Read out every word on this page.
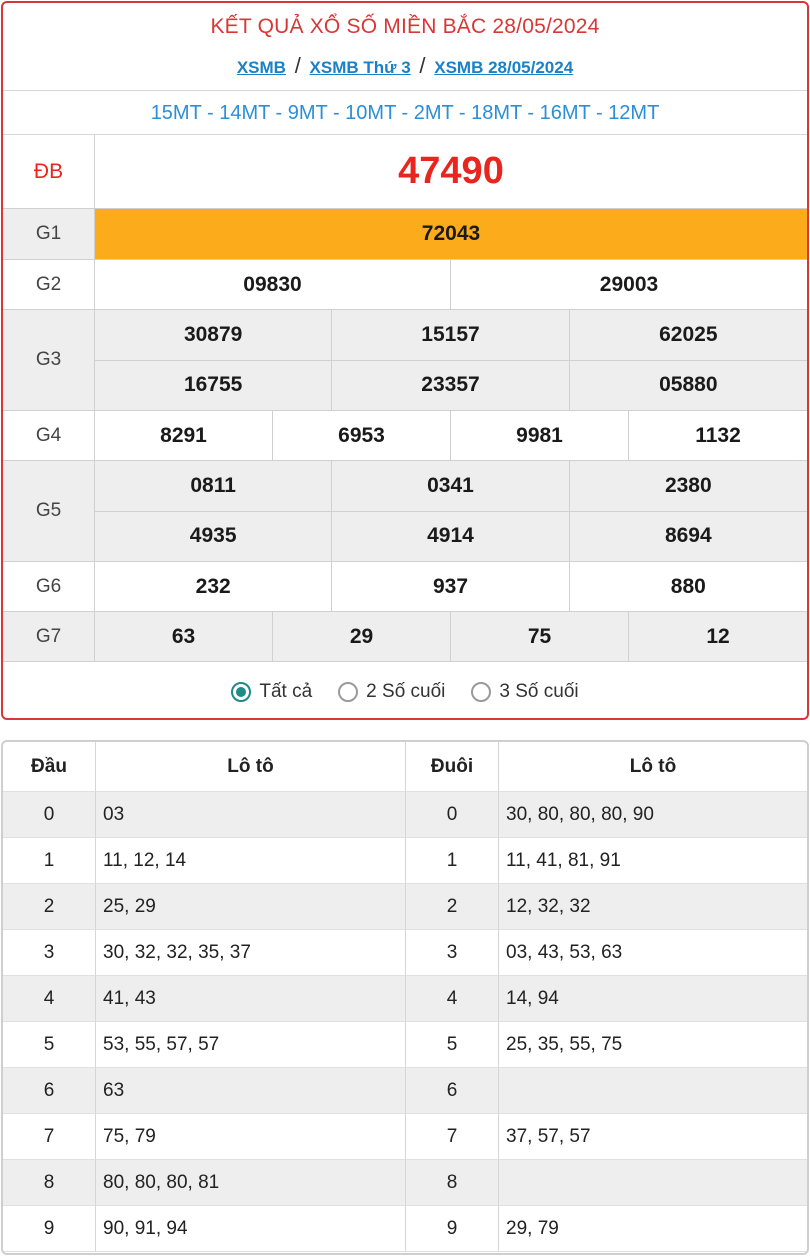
KẾT QUẢ XỔ SỐ MIỀN BẮC 28/05/2024
XSMB / XSMB Thứ 3 / XSMB 28/05/2024
15MT - 14MT - 9MT - 10MT - 2MT - 18MT - 16MT - 12MT
ĐB	47490
G1	72043
G2	09830	29003
G3
30879	15157	62025
16755	23357	05880
G4	8291	6953	9981	1132
G5
0811	0341	2380
4935	4914	8694
G6	232	937	880
G7	63	29	75	12
Tất cả	2 Số cuối	3 Số cuối
Đầu	Lô tô	Đuôi	Lô tô
0	03	0	30, 80, 80, 80, 90
1	11, 12, 14	1	11, 41, 81, 91
2	25, 29	2	12, 32, 32
3	30, 32, 32, 35, 37	3	03, 43, 53, 63
4	41, 43	4	14, 94
5	53, 55, 57, 57	5	25, 35, 55, 75
6	63	6
7	75, 79	7	37, 57, 57
8	80, 80, 80, 81	8
9	90, 91, 94	9	29, 79
